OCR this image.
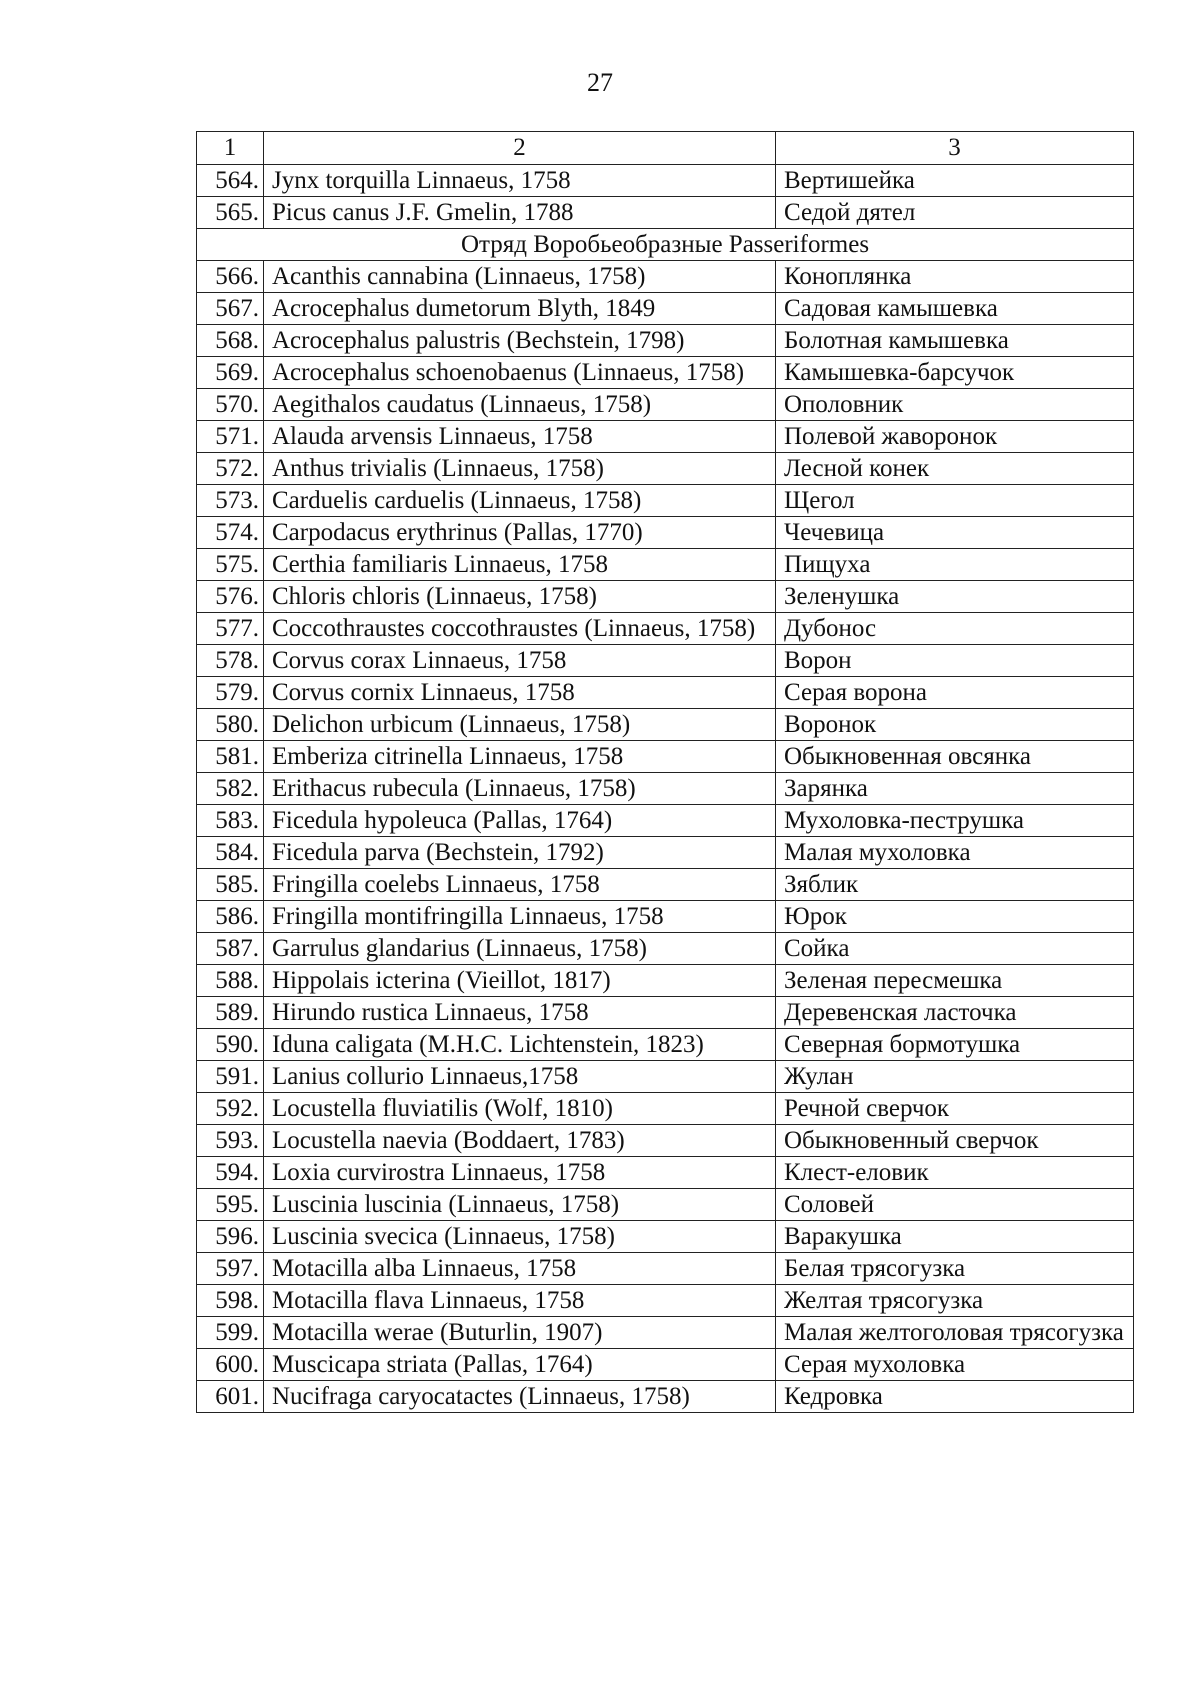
27
1	2	3
564.	Jynx torquilla Linnaeus, 1758	Вертишейка
565.	Picus canus J.F. Gmelin, 1788	Седой дятел
Отряд Воробьеобразные Passeriformes		
566.	Acanthis cannabina (Linnaeus, 1758)	Коноплянка
567.	Acrocephalus dumetorum Blyth, 1849	Садовая камышевка
568.	Acrocephalus palustris (Bechstein, 1798)	Болотная камышевка
569.	Acrocephalus schoenobaenus (Linnaeus, 1758)	Камышевка-барсучок
570.	Aegithalos caudatus (Linnaeus, 1758)	Ополовник
571.	Alauda arvensis Linnaeus, 1758	Полевой жаворонок
572.	Anthus trivialis (Linnaeus, 1758)	Лесной конек
573.	Carduelis carduelis (Linnaeus, 1758)	Щегол
574.	Carpodacus erythrinus (Pallas, 1770)	Чечевица
575.	Certhia familiaris Linnaeus, 1758	Пищуха
576.	Chloris chloris (Linnaeus, 1758)	Зеленушка
577.	Coccothraustes coccothraustes (Linnaeus, 1758)	Дубонос
578.	Corvus corax Linnaeus, 1758	Ворон
579.	Corvus cornix Linnaeus, 1758	Серая ворона
580.	Delichon urbicum (Linnaeus, 1758)	Воронок
581.	Emberiza citrinella Linnaeus, 1758	Обыкновенная овсянка
582.	Erithacus rubecula (Linnaeus, 1758)	Зарянка
583.	Ficedula hypoleuca (Pallas, 1764)	Мухоловка-пеструшка
584.	Ficedula parva (Bechstein, 1792)	Малая мухоловка
585.	Fringilla coelebs Linnaeus, 1758	Зяблик
586.	Fringilla montifringilla Linnaeus, 1758	Юрок
587.	Garrulus glandarius (Linnaeus, 1758)	Сойка
588.	Hippolais icterina (Vieillot, 1817)	Зеленая пересмешка
589.	Hirundo rustica Linnaeus, 1758	Деревенская ласточка
590.	Iduna caligata (M.H.C. Lichtenstein, 1823)	Северная бормотушка
591.	Lanius collurio Linnaeus,1758	Жулан
592.	Locustella fluviatilis (Wolf, 1810)	Речной сверчок
593.	Locustella naevia (Boddaert, 1783)	Обыкновенный сверчок
594.	Loxia curvirostra Linnaeus, 1758	Клест-еловик
595.	Luscinia luscinia (Linnaeus, 1758)	Соловей
596.	Luscinia svecica (Linnaeus, 1758)	Варакушка
597.	Motacilla alba Linnaeus, 1758	Белая трясогузка
598.	Motacilla flava Linnaeus, 1758	Желтая трясогузка
599.	Motacilla werae (Buturlin, 1907)	Малая желтоголовая трясогузка
600.	Muscicapa striata (Pallas, 1764)	Серая мухоловка
601.	Nucifraga caryocatactes (Linnaeus, 1758)	Кедровка
